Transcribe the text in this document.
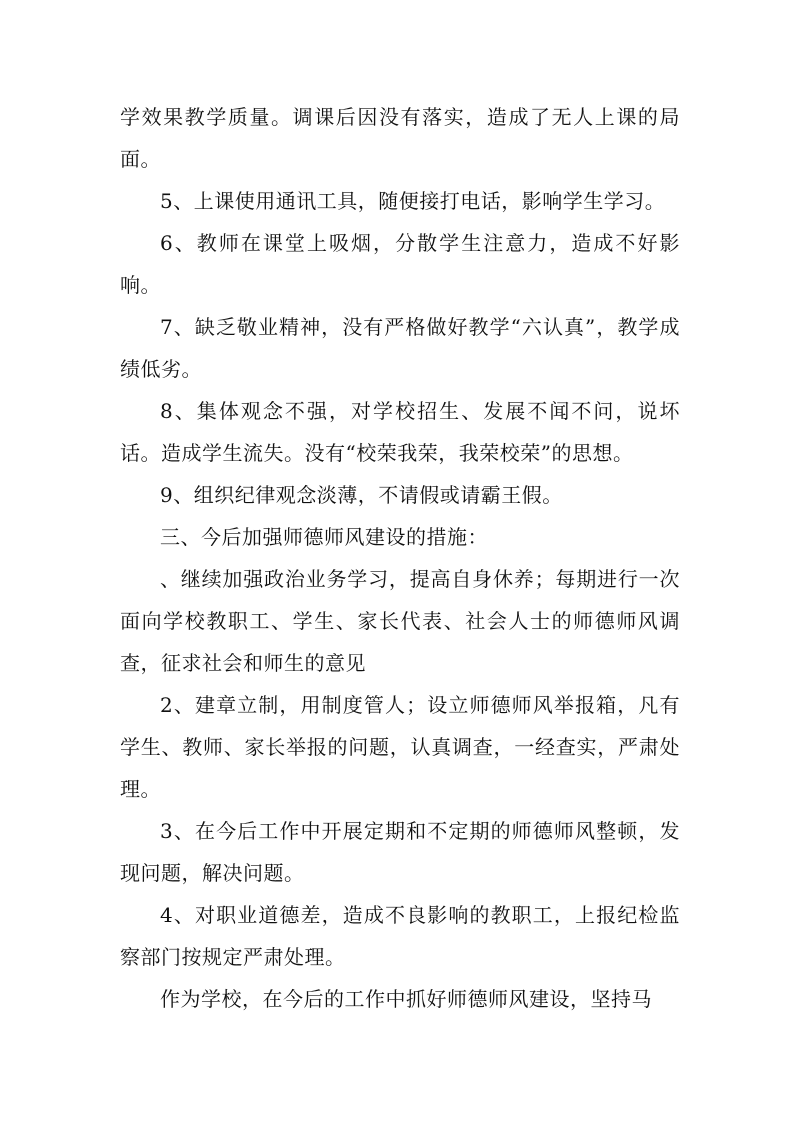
学效果教学质量。调课后因没有落实，造成了无人上课的局面。

5、上课使用通讯工具，随便接打电话，影响学生学习。

6、教师在课堂上吸烟，分散学生注意力，造成不好影响。

7、缺乏敬业精神，没有严格做好教学“六认真”，教学成绩低劣。

8、集体观念不强，对学校招生、发展不闻不问，说坏话。造成学生流失。没有“校荣我荣，我荣校荣”的思想。

9、组织纪律观念淡薄，不请假或请霸王假。

三、今后加强师德师风建设的措施：

、继续加强政治业务学习，提高自身休养；每期进行一次面向学校教职工、学生、家长代表、社会人士的师德师风调查，征求社会和师生的意见

2、建章立制，用制度管人；设立师德师风举报箱，凡有学生、教师、家长举报的问题，认真调查，一经查实，严肃处理。

3、在今后工作中开展定期和不定期的师德师风整顿，发现问题，解决问题。

4、对职业道德差，造成不良影响的教职工，上报纪检监察部门按规定严肃处理。

作为学校，在今后的工作中抓好师德师风建设，坚持马
